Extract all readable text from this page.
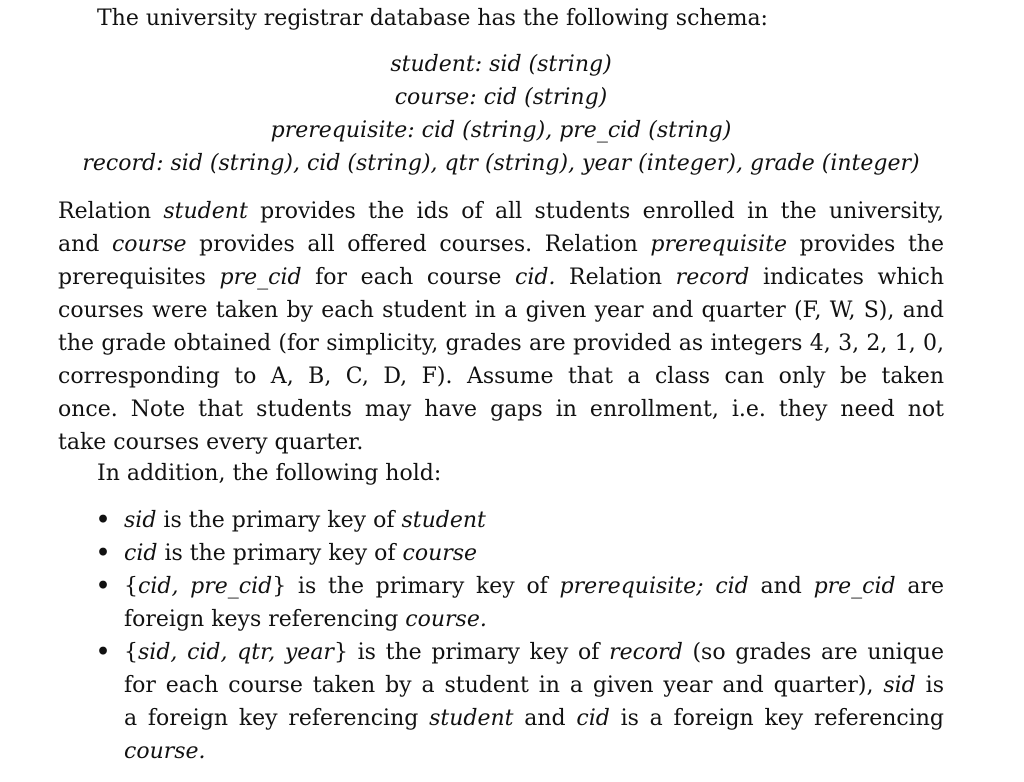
The university registrar database has the following schema:
student: sid (string)
course: cid (string)
prerequisite: cid (string), pre_cid (string)
record: sid (string), cid (string), qtr (string), year (integer), grade (integer)
Relation student provides the ids of all students enrolled in the university,
and course provides all offered courses. Relation prerequisite provides the
prerequisites pre_cid for each course cid. Relation record indicates which
courses were taken by each student in a given year and quarter (F, W, S), and
the grade obtained (for simplicity, grades are provided as integers 4, 3, 2, 1, 0,
corresponding to A, B, C, D, F). Assume that a class can only be taken
once. Note that students may have gaps in enrollment, i.e. they need not
take courses every quarter.
In addition, the following hold:
• sid is the primary key of student
• cid is the primary key of course
• {cid, pre_cid} is the primary key of prerequisite; cid and pre_cid are
foreign keys referencing course.
• {sid, cid, qtr, year} is the primary key of record (so grades are unique
for each course taken by a student in a given year and quarter), sid is
a foreign key referencing student and cid is a foreign key referencing
course.
